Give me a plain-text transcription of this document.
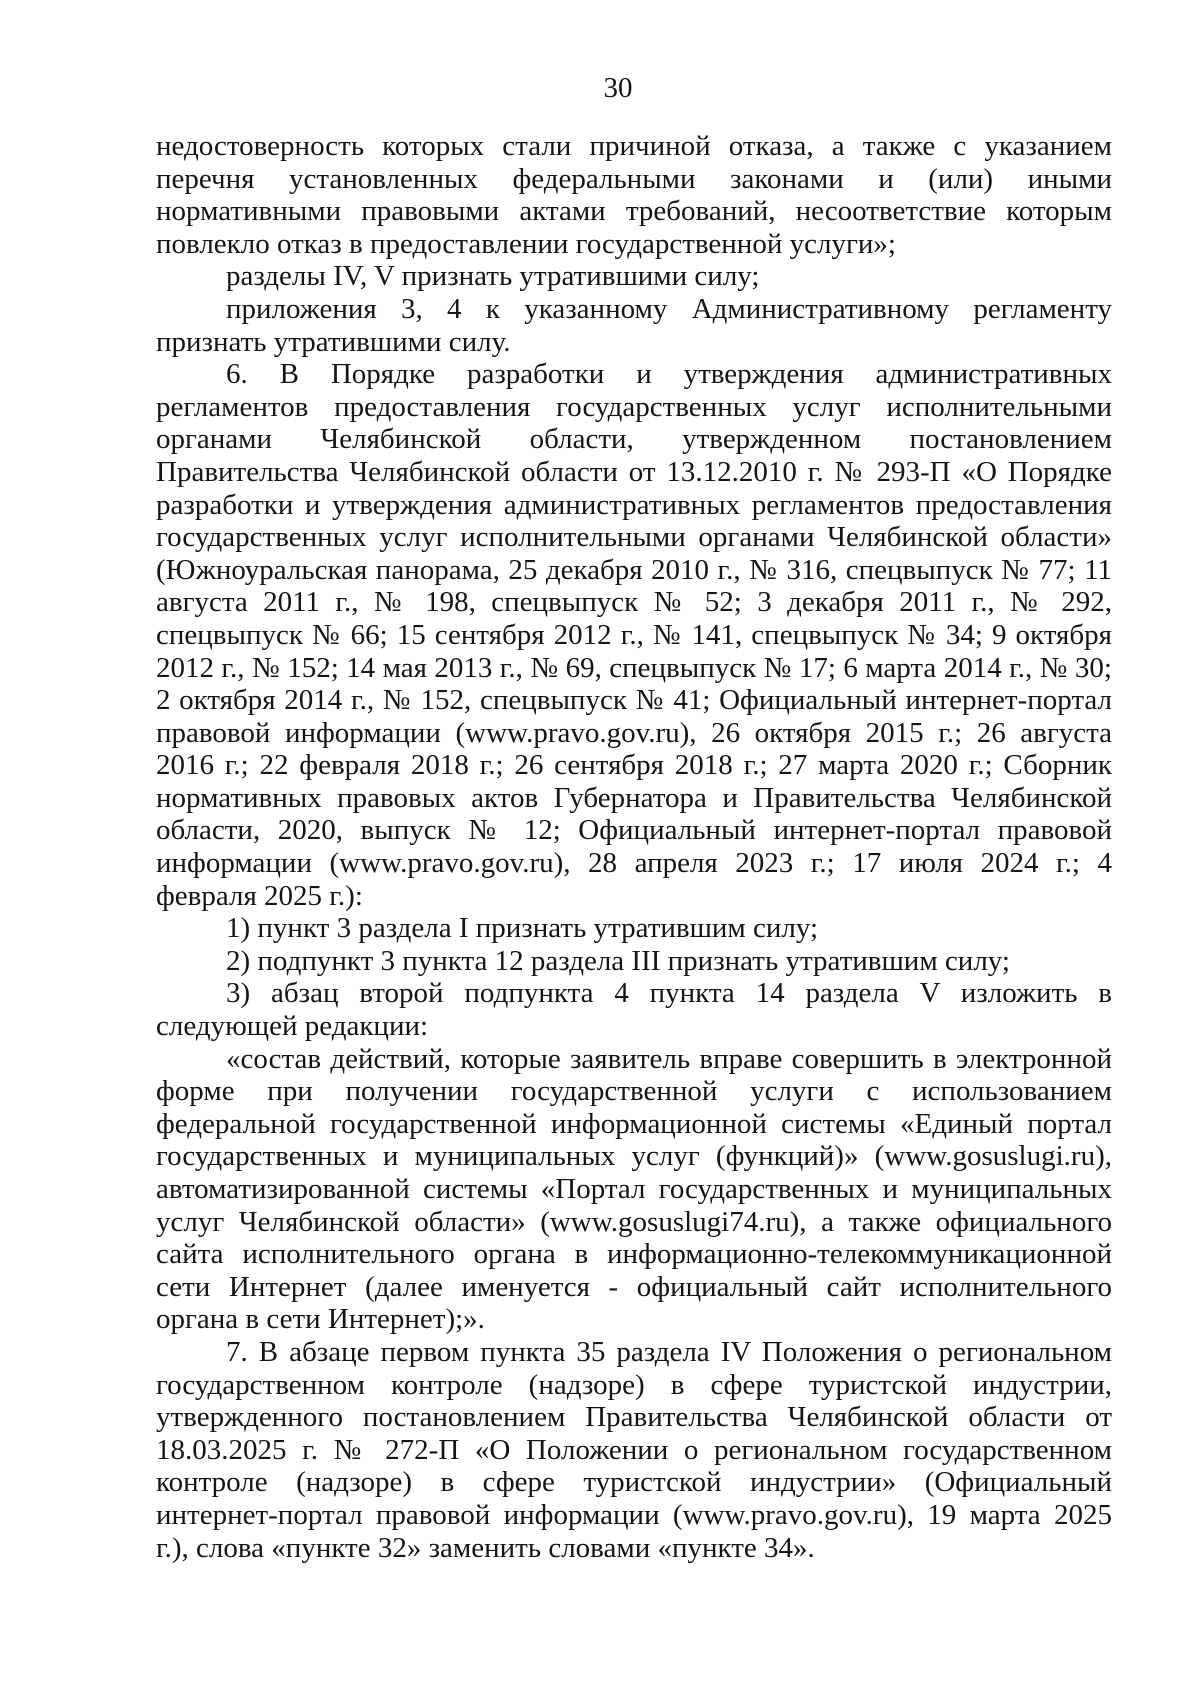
30

недостоверность которых стали причиной отказа, а также с указанием перечня установленных федеральными законами и (или) иными нормативными правовыми актами требований, несоответствие которым повлекло отказ в предоставлении государственной услуги»;

разделы IV, V признать утратившими силу;

приложения 3, 4 к указанному Административному регламенту признать утратившими силу.

6. В Порядке разработки и утверждения административных регламентов предоставления государственных услуг исполнительными органами Челябинской области, утвержденном постановлением Правительства Челябинской области от 13.12.2010 г. № 293-П «О Порядке разработки и утверждения административных регламентов предоставления государственных услуг исполнительными органами Челябинской области» (Южноуральская панорама, 25 декабря 2010 г., № 316, спецвыпуск № 77; 11 августа 2011 г., № 198, спецвыпуск № 52; 3 декабря 2011 г., № 292, спецвыпуск № 66; 15 сентября 2012 г., № 141, спецвыпуск № 34; 9 октября 2012 г., № 152; 14 мая 2013 г., № 69, спецвыпуск № 17; 6 марта 2014 г., № 30; 2 октября 2014 г., № 152, спецвыпуск № 41; Официальный интернет-портал правовой информации (www.pravo.gov.ru), 26 октября 2015 г.; 26 августа 2016 г.; 22 февраля 2018 г.; 26 сентября 2018 г.; 27 марта 2020 г.; Сборник нормативных правовых актов Губернатора и Правительства Челябинской области, 2020, выпуск № 12; Официальный интернет-портал правовой информации (www.pravo.gov.ru), 28 апреля 2023 г.; 17 июля 2024 г.; 4 февраля 2025 г.):

1) пункт 3 раздела I признать утратившим силу;

2) подпункт 3 пункта 12 раздела III признать утратившим силу;

3) абзац второй подпункта 4 пункта 14 раздела V изложить в следующей редакции:

«состав действий, которые заявитель вправе совершить в электронной форме при получении государственной услуги с использованием федеральной государственной информационной системы «Единый портал государственных и муниципальных услуг (функций)» (www.gosuslugi.ru), автоматизированной системы «Портал государственных и муниципальных услуг Челябинской области» (www.gosuslugi74.ru), а также официального сайта исполнительного органа в информационно-телекоммуникационной сети Интернет (далее именуется - официальный сайт исполнительного органа в сети Интернет);».

7. В абзаце первом пункта 35 раздела IV Положения о региональном государственном контроле (надзоре) в сфере туристской индустрии, утвержденного постановлением Правительства Челябинской области от 18.03.2025 г. № 272-П «О Положении о региональном государственном контроле (надзоре) в сфере туристской индустрии» (Официальный интернет-портал правовой информации (www.pravo.gov.ru), 19 марта 2025 г.), слова «пункте 32» заменить словами «пункте 34».
